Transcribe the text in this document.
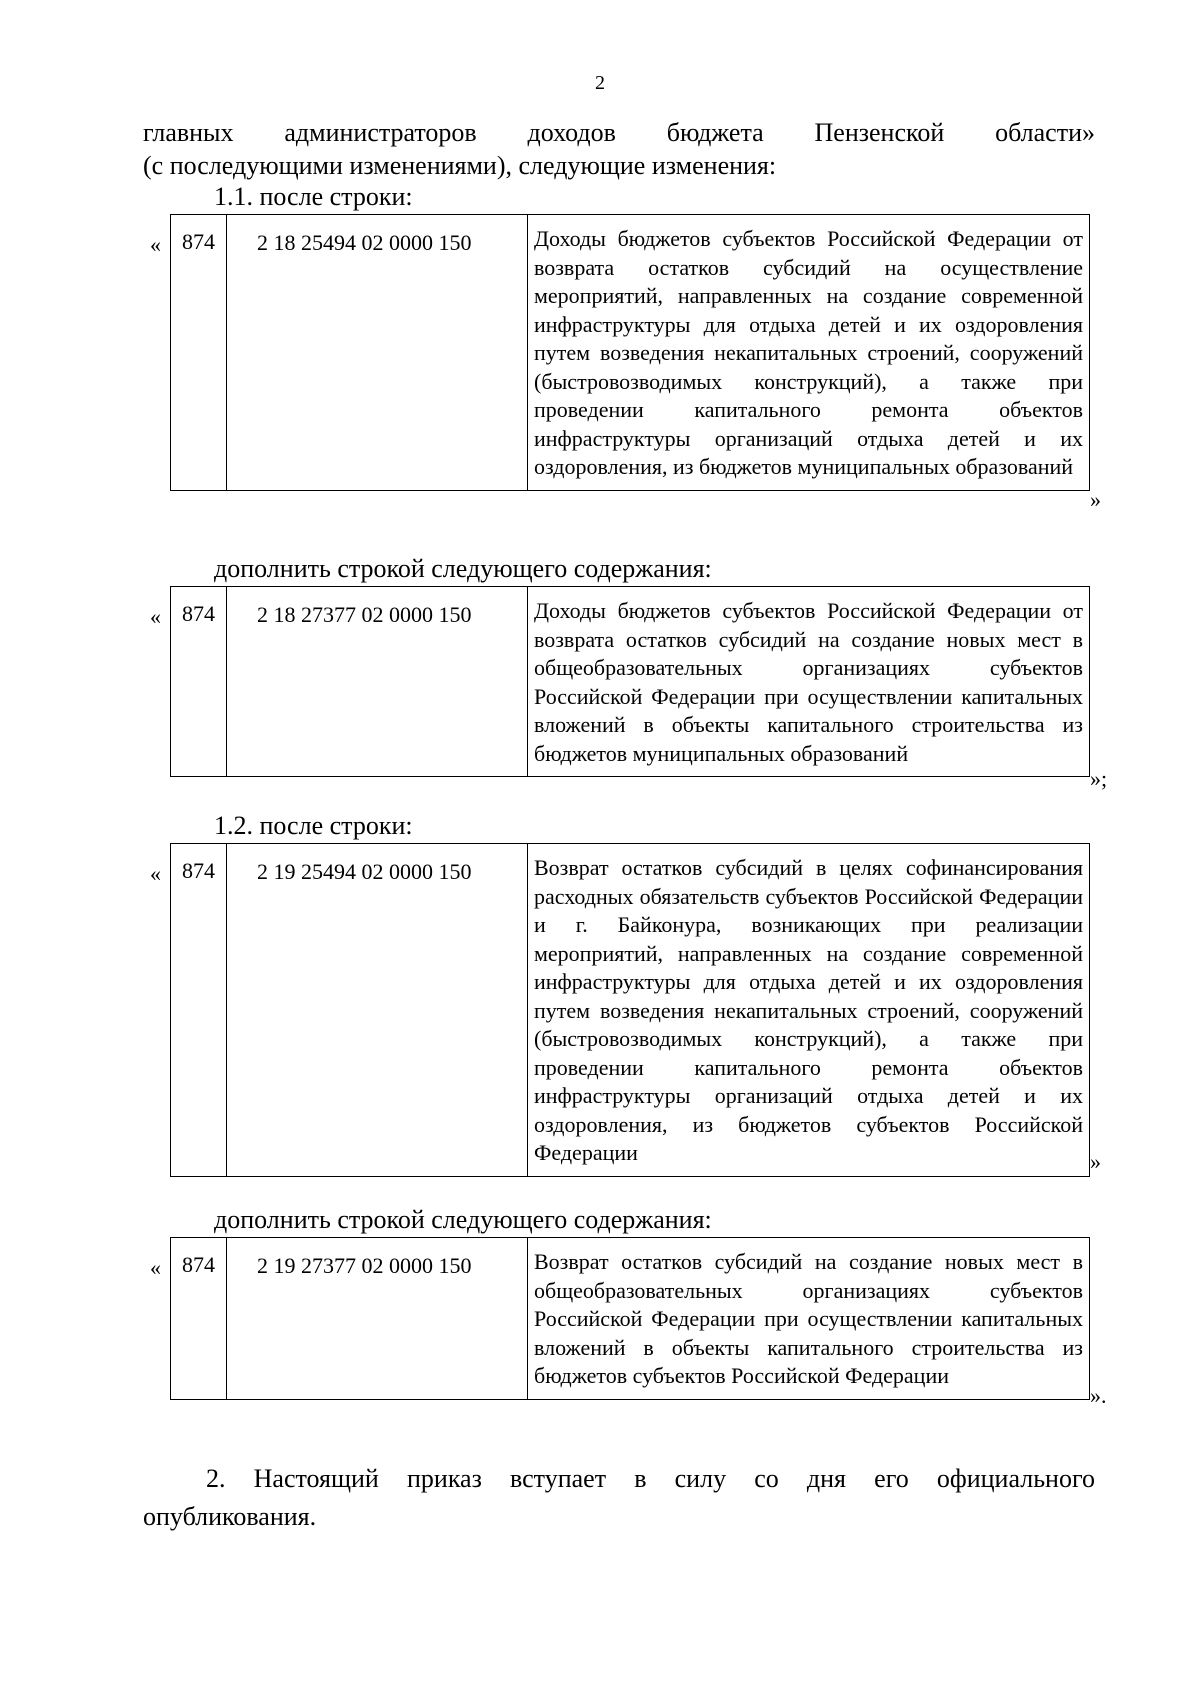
2
главных администраторов доходов бюджета Пензенской области»
(с последующими изменениями), следующие изменения:
1.1. после строки:
« 874	2 18 25494 02 0000 150	Доходы бюджетов субъектов Российской Федерации от возврата остатков субсидий на осуществление мероприятий, направленных на создание современной инфраструктуры для отдыха детей и их оздоровления путем возведения некапитальных строений, сооружений (быстровозводимых конструкций), а также при проведении капитального ремонта объектов инфраструктуры организаций отдыха детей и их оздоровления, из бюджетов муниципальных образований
»
дополнить строкой следующего содержания:
« 874	2 18 27377 02 0000 150	Доходы бюджетов субъектов Российской Федерации от возврата остатков субсидий на создание новых мест в общеобразовательных организациях субъектов Российской Федерации при осуществлении капитальных вложений в объекты капитального строительства из бюджетов муниципальных образований
»;
1.2. после строки:
« 874	2 19 25494 02 0000 150	Возврат остатков субсидий в целях софинансирования расходных обязательств субъектов Российской Федерации и г. Байконура, возникающих при реализации мероприятий, направленных на создание современной инфраструктуры для отдыха детей и их оздоровления путем возведения некапитальных строений, сооружений (быстровозводимых конструкций), а также при проведении капитального ремонта объектов инфраструктуры организаций отдыха детей и их оздоровления, из бюджетов субъектов Российской Федерации	»
дополнить строкой следующего содержания:
« 874	2 19 27377 02 0000 150	Возврат остатков субсидий на создание новых мест в общеобразовательных организациях субъектов Российской Федерации при осуществлении капитальных вложений в объекты капитального строительства из бюджетов субъектов Российской Федерации
».
2. Настоящий приказ вступает в силу со дня его официального
опубликования.
